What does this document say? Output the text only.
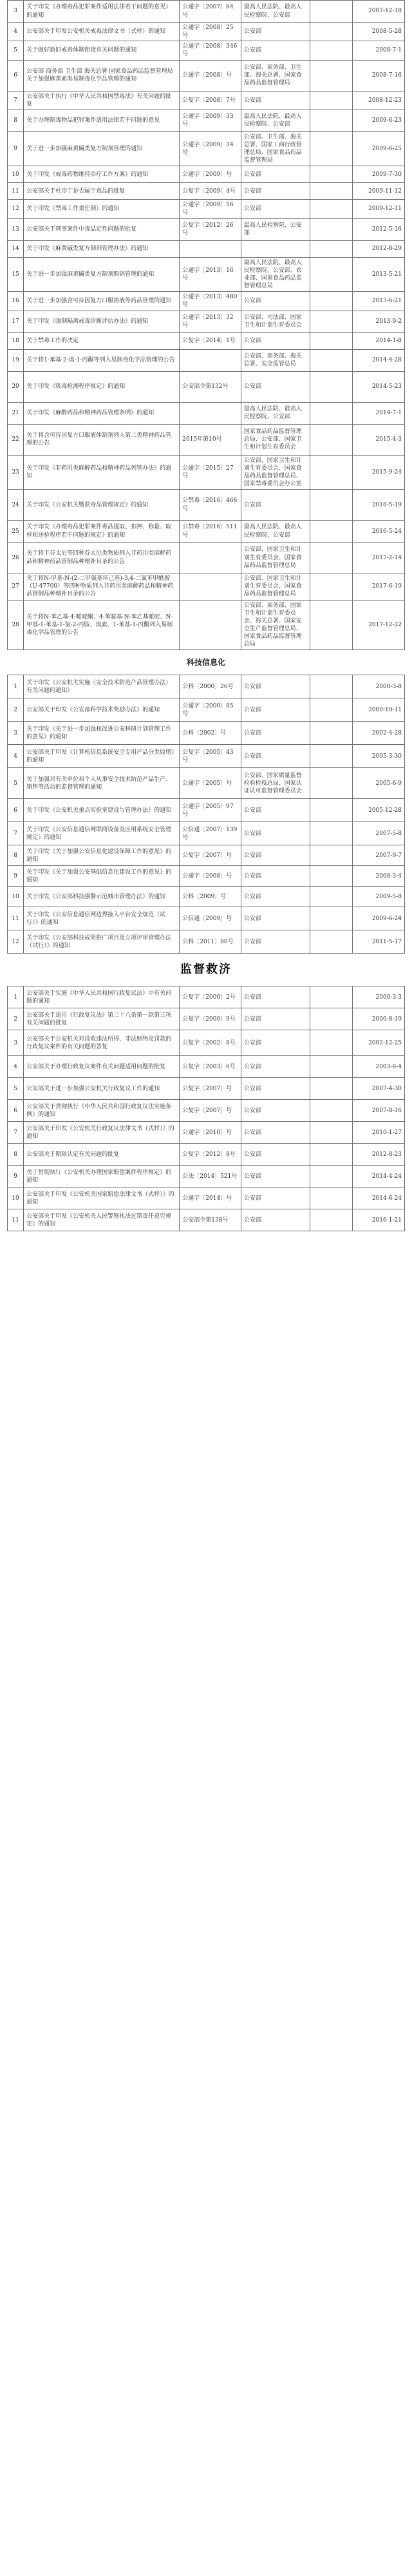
3	关于印发《办理毒品犯罪案件适用法律若干问题的意见》的通知	公通字〔2007〕84号	最高人民法院、最高人民检察院、公安部		2007-12-18
4	公安部关于印发公安机关戒毒法律文书（式样）的通知	公通字〔2008〕25号	公安部		2008-5-28
5	关于做好新旧戒毒体制衔接有关问题的通知	公通字〔2008〕346号	公安部		2008-7-1
6	公安部 商务部 卫生部 海关总署 国家食品药品监督管理局关于加强麻黄素类易制毒化学品管理的通知	公通字〔2008〕号	公安部、商务部、卫生部、海关总署、国家食品药品监督管理局		2008-7-16
7	公安部关于执行《中华人民共和国禁毒法》有关问题的批复	公复字〔2008〕7号	公安部		2008-12-23
8	关于办理制毒物品犯罪案件适用法律若干问题的意见	公通字〔2009〕33号	最高人民法院、最高人民检察院、公安部		2009-6-23
9	关于进一步加强麻黄碱类复方制剂管理的通知	公通字〔2009〕34号	公安部、卫生部、海关总署、国家工商行政管理总局、国家食品药品监督管理局		2009-6-25
10	关于印发《戒毒药物维持治疗工作方案》的通知	公通字〔2009〕号	公安部		2009-7-30
11	公安部关于杜冷丁是否属于毒品的批复	公复字〔2009〕4号	公安部		2009-11-12
12	关于印发《禁毒工作责任制》的通知	公通字〔2009〕56号	公安部		2009-12-11
13	公安部关于刑事案件中毒品定性问题的批复	公复字〔2012〕26号	最高人民检察院、公安部		2012-5-16
14	关于印发《麻黄碱类复方制剂管理办法》的通知				2012-8-29
15	关于进一步加强麻黄碱类复方制剂购销管理的通知	公通字〔2013〕16号	最高人民法院、最高人民检察院、公安部、农业部、国家食品药品监督管理总局		2013-5-21
16	关于进一步加强含可待因复方口服溶液等药品管理的通知	公通字〔2013〕480号	公安部		2013-6-21
17	关于印发《强制隔离戒毒诊断评估办法》的通知	公通字〔2013〕32号	公安部、司法部、国家卫生和计划生育委员会		2013-9-2
18	关于禁毒工作的决定	公复字〔2014〕1号	公安部		2014-1-8
19	关于将1-苯基-2-溴-1-丙酮等列入易制毒化学品管理的公告		公安部、商务部、海关总署、安全监管总局		2014-4-28
20	关于印发《吸毒检测程序规定》的通知	公安部令第132号	公安部		2014-5-23
21	关于印发《麻醉药品和精神药品管理条例》的通知		最高人民法院、最高人民检察院、公安部		2014-7-1
22	关于将含可待因复方口服液体制剂列入第二类精神药品管理的公告	2015年第10号	国家食品药品监督管理总局、公安部、国家卫生和计划生育委员会		2015-4-3
23	关于印发《非药用类麻醉药品和精神药品列管办法》的通知	公通字〔2015〕27号	公安部、国家卫生和计划生育委员会、国家食品药品监督管理总局、国家禁毒委员会办公室		2015-9-24
24	关于印发《公安机关缴获毒品管理规定》的通知	公禁毒〔2016〕466号	公安部		2016-5-19
25	关于印发《办理毒品犯罪案件毒品提取、扣押、称量、取样和送检程序若干问题的规定》的通知	公禁毒〔2016〕511号	最高人民法院、最高人民检察院、公安部		2016-5-24
26	关于将卡芬太尼等四种芬太尼类物质列入非药用类麻醉药品和精神药品管制品种增补目录的公告		公安部、国家卫生和计划生育委员会、国家食品药品监督管理总局		2017-2-14
27	关于将N-甲基-N-(2-二甲氨基环己基)-3,4-二氯苯甲酰胺（U-47700）等四种物质列入非药用类麻醉药品和精神药品管制品种增补目录的公告		公安部、国家卫生和计划生育委员会、国家食品药品监督管理总局		2017-6-19
28	关于将N-苯乙基-4-哌啶酮、4-苯胺基-N-苯乙基哌啶、N-甲基-1-苯基-1-氯-2-丙胺、溴素、1-苯基-1-丙酮列入易制毒化学品管理的公告		公安部、商务部、国家卫生和计划生育委员会、海关总署、国家安全生产监督管理总局、国家食品药品监督管理总局		2017-12-22
科技信息化
1	关于印发《公安机关实施〈安全技术防范产品管理办法〉有关问题的通知》	公科〔2000〕26号	公安部		2000-3-8
2	公安部关于印发《公安部科学技术奖励办法》的通知	公通字〔2000〕85号	公安部		2000-10-11
3	关于印发《关于进一步加强和改进公安科研计划管理工作的意见》的通知	公科〔2002〕号	公安部		2002-4-28
4	公安部关于印发《计算机信息系统安全专用产品分类原则》的通知	公复字〔2005〕43号	公安部		2005-3-30
5	关于加强对有关单位和个人从事安全技术防范产品生产、销售等活动的监督管理的通知	公通字〔2005〕号	公安部、国家质量监督检验检疫总局、国家认证认可监督管理委员会		2005-6-9
6	关于印发《公安机关重点实验室建设与管理办法》的通知	公通字〔2005〕97号	公安部		2005-12-28
7	关于印发《公安信息通信网联网设备及应用系统安全管理规定》的通知	公信通〔2007〕139号	公安部		2007-5-8
8	关于印发《关于加强公安信息化建设保障工作的意见》的通知	公复字〔2007〕号	公安部		2007-9-7
9	关于印发《关于加强公安基础信息化建设工作的意见》的通知	公通字〔2008〕号	公安部		2008-3-4
10	关于印发《公安部科技强警示范城市管理办法》的通知	公科〔2009〕号	公安部		2009-5-8
11	关于印发《公安信息通信网边界接入平台安全规范（试行）》的通知	公信通〔2009〕号	公安部		2009-6-24
12	关于印发《公安部科技成果推广项目及立项评审管理办法（试行）》的通知	公科〔2011〕80号	公安部		2011-5-17
监督救济
1	公安部关于实施《中华人民共和国行政复议法》中有关问题的通知	公复字〔2000〕2号	公安部		2000-3-3
2	公安部关于适用《行政复议法》第二十八条第一款第三项有关问题的批复	公复字〔2000〕9号	公安部		2000-8-19
3	公安部关于公安机关对没收违法所得、非法财物及罚款的行政复议案件的有关问题的答复	公复字〔2002〕8号	公安部		2002-12-25
4	公安部关于办理行政复议案件有关问题适用问题的批复	公复字〔2003〕6号	公安部		2003-6-4
5	公安部关于进一步加强公安机关行政复议工作的通知	公复字〔2007〕号	公安部		2007-4-30
6	公安部关于贯彻执行《中华人民共和国行政复议法实施条例》的通知	公复字〔2007〕号	公安部		2007-8-16
7	公安部关于印发《公安机关行政复议法律文书（式样）》的通知	公通字〔2010〕号	公安部		2010-1-27
8	公安部关于期限认定有关问题的批复	公复字〔2012〕8号	公安部		2012-8-23
9	关于贯彻执行《公安机关办理国家赔偿案件程序规定》的通知	公法〔2014〕521号	公安部		2014-4-24
10	公安部关于印发《公安机关国家赔偿法律文书（式样）》的通知	公通字〔2014〕号	公安部		2014-6-24
11	公安部关于印发《公安机关人民警察执法过错责任追究规定》的通知	公安部令第138号	公安部		2016-1-21
